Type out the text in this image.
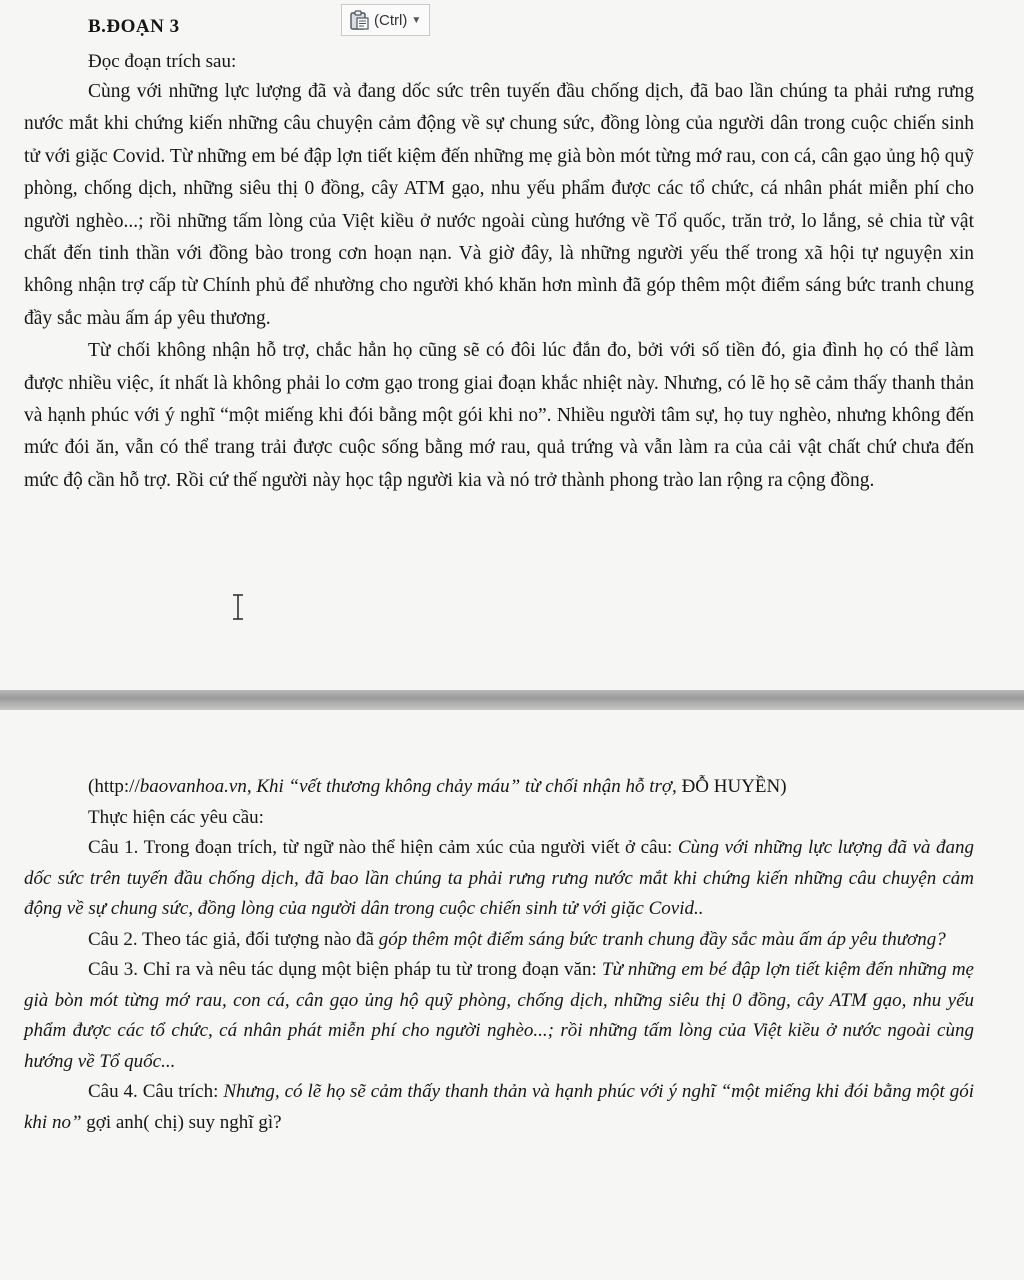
B.ĐOẠN 3	(Ctrl) ▼
Đọc đoạn trích sau:

Cùng với những lực lượng đã và đang dốc sức trên tuyến đầu chống dịch, đã bao lần chúng ta phải rưng rưng nước mắt khi chứng kiến những câu chuyện cảm động về sự chung sức, đồng lòng của người dân trong cuộc chiến sinh tử với giặc Covid. Từ những em bé đập lợn tiết kiệm đến những mẹ già bòn mót từng mớ rau, con cá, cân gạo ủng hộ quỹ phòng, chống dịch, những siêu thị 0 đồng, cây ATM gạo, nhu yếu phẩm được các tổ chức, cá nhân phát miễn phí cho người nghèo...; rồi những tấm lòng của Việt kiều ở nước ngoài cùng hướng về Tổ quốc, trăn trở, lo lắng, sẻ chia từ vật chất đến tinh thần với đồng bào trong cơn hoạn nạn. Và giờ đây, là những người yếu thế trong xã hội tự nguyện xin không nhận trợ cấp từ Chính phủ để nhường cho người khó khăn hơn mình đã góp thêm một điểm sáng bức tranh chung đầy sắc màu ấm áp yêu thương.

Từ chối không nhận hỗ trợ, chắc hẳn họ cũng sẽ có đôi lúc đắn đo, bởi với số tiền đó, gia đình họ có thể làm được nhiều việc, ít nhất là không phải lo cơm gạo trong giai đoạn khắc nhiệt này. Nhưng, có lẽ họ sẽ cảm thấy thanh thản và hạnh phúc với ý nghĩ “một miếng khi đói bằng một gói khi no”. Nhiều người tâm sự, họ tuy nghèo, nhưng không đến mức đói ăn, vẫn có thể trang trải được cuộc sống bằng mớ rau, quả trứng và vẫn làm ra của cải vật chất chứ chưa đến mức độ cần hỗ trợ. Rồi cứ thế người này học tập người kia và nó trở thành phong trào lan rộng ra cộng đồng.

(http://baovanhoa.vn, Khi “vết thương không chảy máu” từ chối nhận hỗ trợ, ĐỖ HUYỀN)

Thực hiện các yêu cầu:

Câu 1. Trong đoạn trích, từ ngữ nào thể hiện cảm xúc của người viết ở câu: Cùng với những lực lượng đã và đang dốc sức trên tuyến đầu chống dịch, đã bao lần chúng ta phải rưng rưng nước mắt khi chứng kiến những câu chuyện cảm động về sự chung sức, đồng lòng của người dân trong cuộc chiến sinh tử với giặc Covid..

Câu 2. Theo tác giả, đối tượng nào đã góp thêm một điểm sáng bức tranh chung đầy sắc màu ấm áp yêu thương?

Câu 3. Chỉ ra và nêu tác dụng một biện pháp tu từ trong đoạn văn: Từ những em bé đập lợn tiết kiệm đến những mẹ già bòn mót từng mớ rau, con cá, cân gạo ủng hộ quỹ phòng, chống dịch, những siêu thị 0 đồng, cây ATM gạo, nhu yếu phẩm được các tổ chức, cá nhân phát miễn phí cho người nghèo...; rồi những tấm lòng của Việt kiều ở nước ngoài cùng hướng về Tổ quốc...

Câu 4. Câu trích: Nhưng, có lẽ họ sẽ cảm thấy thanh thản và hạnh phúc với ý nghĩ “một miếng khi đói bằng một gói khi no” gợi anh( chị) suy nghĩ gì?
